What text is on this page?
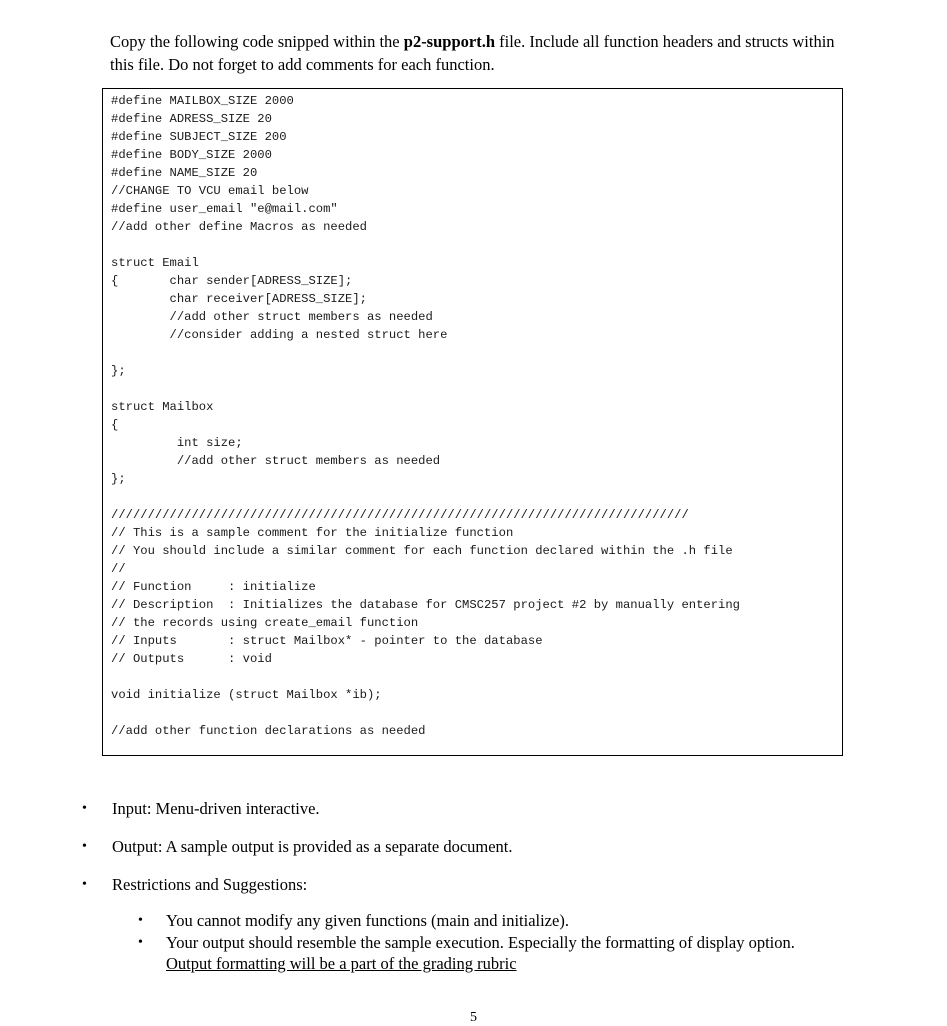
Copy the following code snipped within the p2-support.h file. Include all function headers and structs within this file. Do not forget to add comments for each function.
#define MAILBOX_SIZE 2000
#define ADRESS_SIZE 20
#define SUBJECT_SIZE 200
#define BODY_SIZE 2000
#define NAME_SIZE 20
//CHANGE TO VCU email below
#define user_email "e@mail.com"
//add other define Macros as needed

struct Email
{       char sender[ADRESS_SIZE];
char receiver[ADRESS_SIZE];
//add other struct members as needed
//consider adding a nested struct here

};

struct Mailbox
{
int size;
//add other struct members as needed
};

///////////////////////////////////////////////////////////////////////////////
// This is a sample comment for the initialize function
// You should include a similar comment for each function declared within the .h file
//
// Function     : initialize
// Description  : Initializes the database for CMSC257 project #2 by manually entering
// the records using create_email function
// Inputs       : struct Mailbox* - pointer to the database
// Outputs      : void

void initialize (struct Mailbox *ib);

//add other function declarations as needed
• Input: Menu-driven interactive.
• Output: A sample output is provided as a separate document.
• Restrictions and Suggestions:
• You cannot modify any given functions (main and initialize).
• Your output should resemble the sample execution. Especially the formatting of display option. Output formatting will be a part of the grading rubric
5
